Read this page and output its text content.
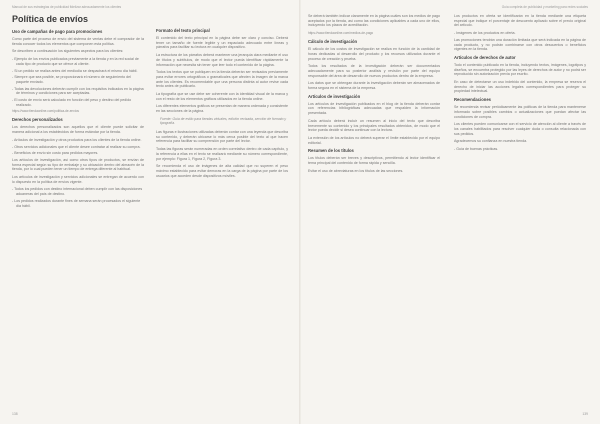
Manual de sus estrategias de publicidad fidelizar adecuadamente los clientes
Política de envíos
Uso de campañas de pago para promociones

Como parte del proceso de envío del sistema de ventas debe el comprador de la tienda conocer todos los elementos que componen esta política.

Se describen a continuación los siguientes aspectos para los clientes:

- Ejemplo de los envíos publicados previamente a la tienda y en la red social de cada tipo de producto que se ofrece al cliente.
- Si un pedido se realiza antes del mediodía se despachará el mismo día hábil.
- Siempre que sea posible, se proporcionará el número de seguimiento del paquete enviado.
- Todas las devoluciones deberán cumplir con los requisitos indicados en la página de términos y condiciones para ser aceptadas.
- El costo de envío será calculado en función del peso y destino del pedido realizado.
https://www.tiendaonline.com/politica-de-envios
Derechos personalizados

Los derechos personalizados son aquellos que el cliente puede solicitar de manera adicional a los establecidos de forma estándar por la tienda.

- Artículos de investigación y otros productos para los clientes de la tienda online.
- Otros servicios adicionales que el cliente desee contratar al realizar su compra.
- Beneficios de envío sin costo para pedidos mayores.

Los artículos de investigación, así como otros tipos de productos, se envían de forma especial según su tipo de embalaje y su ubicación dentro del almacén de la tienda, por lo cual pueden tener un tiempo de entrega diferente al habitual.

Los artículos de investigación y servicios adicionales se entregan de acuerdo con lo dispuesto en la política de envíos vigente.

- Todos los pedidos con destino internacional deben cumplir con las disposiciones aduaneras del país de destino.
- Los pedidos realizados durante fines de semana serán procesados el siguiente día hábil.
Formato del texto principal

El contenido del texto principal en la página debe ser claro y conciso. Deberá tener un tamaño de fuente legible y un espaciado adecuado entre líneas y párrafos para facilitar su lectura en cualquier dispositivo.

La estructura de los párrafos deberá mantener una jerarquía clara mediante el uso de títulos y subtítulos, de modo que el lector pueda identificar rápidamente la información que necesita sin tener que leer todo el contenido de la página.

Todos los textos que se publiquen en la tienda deberán ser revisados previamente para evitar errores ortográficos o gramaticales que afecten la imagen de la marca ante los clientes. Es recomendable que una persona distinta al autor revise cada texto antes de publicarlo.

La tipografía que se use debe ser coherente con la identidad visual de la marca y con el resto de los elementos gráficos utilizados en la tienda online.

Los diferentes elementos gráficos se presentan de manera ordenada y consistente en las secciones de la página.

Fuente: Guía de estilo para tiendas virtuales, edición revisada, sección de formato y tipografía.

Las figuras e ilustraciones utilizadas deberán contar con una leyenda que describa su contenido, y deberán ubicarse lo más cerca posible del texto al que hacen referencia para facilitar su comprensión por parte del lector.

Todas las figuras serán numeradas en orden correlativo dentro de cada capítulo, y la referencia a ellas en el texto se realizará mediante su número correspondiente, por ejemplo: Figura 1, Figura 2, Figura 3.

Se recomienda el uso de imágenes de alta calidad que no superen el peso máximo establecido para evitar demoras en la carga de la página por parte de los usuarios que acceden desde dispositivos móviles.

138
Guía completa de publicidad y marketing para redes sociales

Se deberá también indicar claramente en la página cuáles son los medios de pago aceptados por la tienda, así como las condiciones aplicables a cada uno de ellos, incluyendo los plazos de acreditación.

https://www.tiendaonline.com/medios-de-pago
Cálculo de investigación

El cálculo de los costos de investigación se realiza en función de la cantidad de horas dedicadas al desarrollo del producto y los recursos utilizados durante el proceso de creación y prueba.

Todos los resultados de la investigación deberán ser documentados adecuadamente para su posterior análisis y revisión por parte del equipo responsable del área de desarrollo de nuevos productos dentro de la empresa.

Los datos que se obtengan durante la investigación deberán ser almacenados de forma segura en el sistema de la empresa.

Artículos de investigación

Los artículos de investigación publicados en el blog de la tienda deberán contar con referencias bibliográficas adecuadas que respalden la información presentada.

Cada artículo deberá incluir un resumen al inicio del texto que describa brevemente su contenido y los principales resultados obtenidos, de modo que el lector pueda decidir si desea continuar con la lectura.

La extensión de los artículos no deberá superar el límite establecido por el equipo editorial.

Resumen de los títulos

Los títulos deberán ser breves y descriptivos, permitiendo al lector identificar el tema principal del contenido de forma rápida y sencilla.

Evitar el uso de abreviaturas en los títulos de las secciones.

Los productos en oferta se identificarán en la tienda mediante una etiqueta especial que indique el porcentaje de descuento aplicado sobre el precio original del artículo.

- Imágenes de los productos en oferta.

Las promociones tendrán una duración limitada que será indicada en la página de cada producto, y no podrán combinarse con otros descuentos o beneficios vigentes en la tienda.

Artículos de derechos de autor

Todo el contenido publicado en la tienda, incluyendo textos, imágenes, logotipos y diseños, se encuentra protegido por las leyes de derechos de autor y no podrá ser reproducido sin autorización previa por escrito.

En caso de detectarse un uso indebido del contenido, la empresa se reserva el derecho de iniciar las acciones legales correspondientes para proteger su propiedad intelectual.

Recomendaciones

Se recomienda revisar periódicamente las políticas de la tienda para mantenerse informado sobre posibles cambios o actualizaciones que puedan afectar las condiciones de compra.

Los clientes pueden comunicarse con el servicio de atención al cliente a través de los canales habilitados para resolver cualquier duda o consulta relacionada con sus pedidos.

Agradecemos su confianza en nuestra tienda.

- Guía de buenas prácticas.
139
